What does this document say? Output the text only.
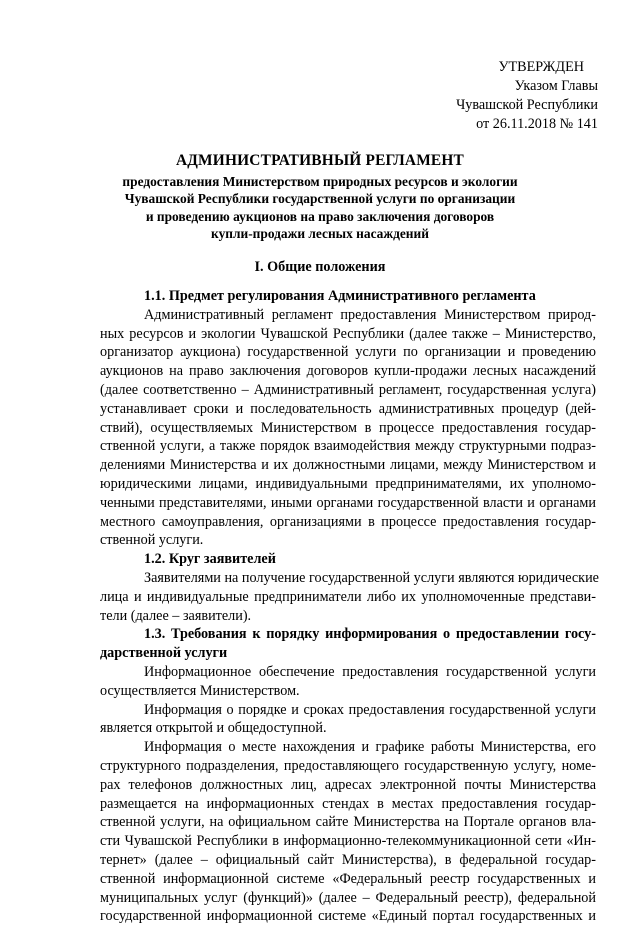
УТВЕРЖДЕН
Указом Главы
Чувашской Республики
от 26.11.2018 № 141
АДМИНИСТРАТИВНЫЙ РЕГЛАМЕНТ
предоставления Министерством природных ресурсов и экологии
Чувашской Республики государственной услуги по организации
и проведению аукционов на право заключения договоров
купли-продажи лесных насаждений
I. Общие положения
1.1. Предмет регулирования Административного регламента
Административный регламент предоставления Министерством природ-
ных ресурсов и экологии Чувашской Республики (далее также – Министерство,
организатор аукциона) государственной услуги по организации и проведению
аукционов на право заключения договоров купли-продажи лесных насаждений
(далее соответственно – Административный регламент, государственная услуга)
устанавливает сроки и последовательность административных процедур (дей-
ствий), осуществляемых Министерством в процессе предоставления государ-
ственной услуги, а также порядок взаимодействия между структурными подраз-
делениями Министерства и их должностными лицами, между Министерством и
юридическими лицами, индивидуальными предпринимателями, их уполномо-
ченными представителями, иными органами государственной власти и органами
местного самоуправления, организациями в процессе предоставления государ-
ственной услуги.
1.2. Круг заявителей
Заявителями на получение государственной услуги являются юридические
лица и индивидуальные предприниматели либо их уполномоченные представи-
тели (далее – заявители).
1.3. Требования к порядку информирования о предоставлении госу-
дарственной услуги
Информационное обеспечение предоставления государственной услуги
осуществляется Министерством.
Информация о порядке и сроках предоставления государственной услуги
является открытой и общедоступной.
Информация о месте нахождения и графике работы Министерства, его
структурного подразделения, предоставляющего государственную услугу, номе-
рах телефонов должностных лиц, адресах электронной почты Министерства
размещается на информационных стендах в местах предоставления государ-
ственной услуги, на официальном сайте Министерства на Портале органов вла-
сти Чувашской Республики в информационно-телекоммуникационной сети «Ин-
тернет» (далее – официальный сайт Министерства), в федеральной государ-
ственной информационной системе «Федеральный реестр государственных и
муниципальных услуг (функций)» (далее – Федеральный реестр), федеральной
государственной информационной системе «Единый портал государственных и
